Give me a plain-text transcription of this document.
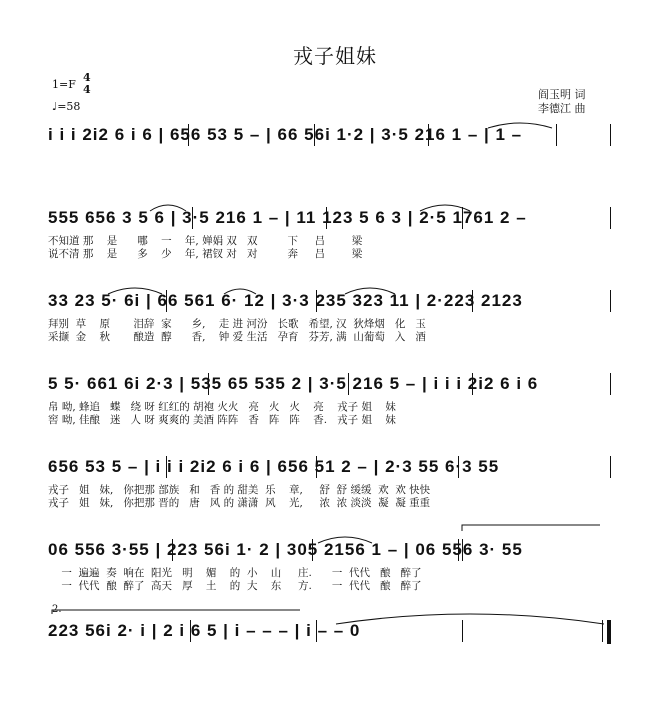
戎子姐妹
1=F
4
4
♩=58
阎玉明 词
李德江 曲
i i i 2i2 6 i 6 | 656 53 5 – | 66 56i 1·2 | 3·5 216 1 – | 1 –
555 656 3 5 6 | 3·5 216 1 – | 11 123 5 6 3 | 2·5 1761 2 –
不知道 那    是      哪    一    年, 婵娟 双   双         下     吕        梁
说不清 那    是      多    少    年, 裙钗 对   对         奔     吕        梁
33 23 5· 6i | 66 561 6· 12 | 3·3 235 323 11 | 2·223 2123
拜别  草    原       泪辞  家      乡,    走 进 河汾   长歌   希望, 汉  狄烽烟   化   玉
采撷  金    秋       酿造  醇      香,    钟 爱 生活   孕育   芬芳, 满  山葡萄   入   酒
5 5· 661 6i 2·3 | 535 65 535 2 | 3·5 216 5 – | i i i 2i2 6 i 6
帛 呦, 蜂追   蝶   绕 呀 红红的 胡袍 火火   亮   火   火    亮    戎子 姐    妹
窖 呦, 佳酿   迷   人 呀 爽爽的 美酒 阵阵   香   阵   阵    香.   戎子 姐    妹
656 53 5 – | i i i 2i2 6 i 6 | 656 51 2 – | 2·3 55 6·3 55
戎子   姐   妹,   你把那 部族   和   香 的 甜美  乐    章,     舒  舒 缓缓  欢  欢 快快
戎子   姐   妹,   你把那 晋的   唐   风 的 潇潇  风    光,     浓  浓 淡淡  凝  凝 重重
06 556 3·55 | 223 56i 1· 2 | 305 2156 1 – | 06 556 3· 55
一  遍遍  奏  响在  阳光   明    媚    的  小    山     庄.      一  代代   酿   醉了
一  代代  酿  醉了  高天   厚    土    的  大    东     方.      一  代代   酿   醉了
2.
223 56i 2· i | 2 i 6 5 | i – – – | i – – 0
